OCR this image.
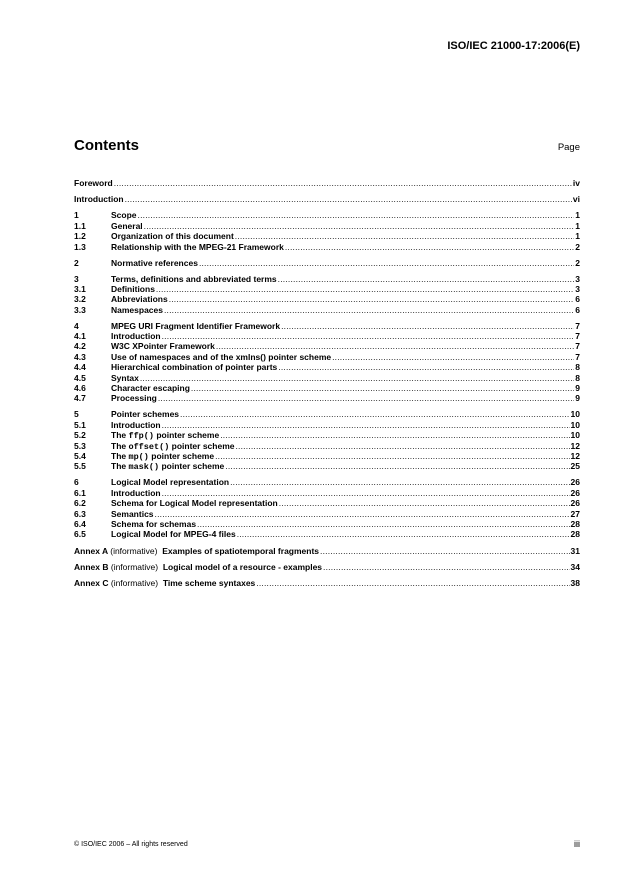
ISO/IEC 21000-17:2006(E)
Contents	Page
Foreword .....	iv
Introduction .....	vi
1	Scope .....	1
1.1	General .....	1
1.2	Organization of this document .....	1
1.3	Relationship with the MPEG-21 Framework .....	2
2	Normative references .....	2
3	Terms, definitions and abbreviated terms .....	3
3.1	Definitions .....	3
3.2	Abbreviations .....	6
3.3	Namespaces .....	6
4	MPEG URI Fragment Identifier Framework .....	7
4.1	Introduction .....	7
4.2	W3C XPointer Framework .....	7
4.3	Use of namespaces and of the xmlns() pointer scheme .....	7
4.4	Hierarchical combination of pointer parts .....	8
4.5	Syntax .....	8
4.6	Character escaping .....	9
4.7	Processing .....	9
5	Pointer schemes .....	10
5.1	Introduction .....	10
5.2	The ffp() pointer scheme .....	10
5.3	The offset() pointer scheme .....	12
5.4	The mp() pointer scheme .....	12
5.5	The mask() pointer scheme .....	25
6	Logical Model representation .....	26
6.1	Introduction .....	26
6.2	Schema for Logical Model representation .....	26
6.3	Semantics .....	27
6.4	Schema for schemas .....	28
6.5	Logical Model for MPEG-4 files .....	28
Annex A (informative) Examples of spatiotemporal fragments .....	31
Annex B (informative) Logical model of a resource - examples .....	34
Annex C (informative) Time scheme syntaxes .....	38
© ISO/IEC 2006 – All rights reserved	iii
